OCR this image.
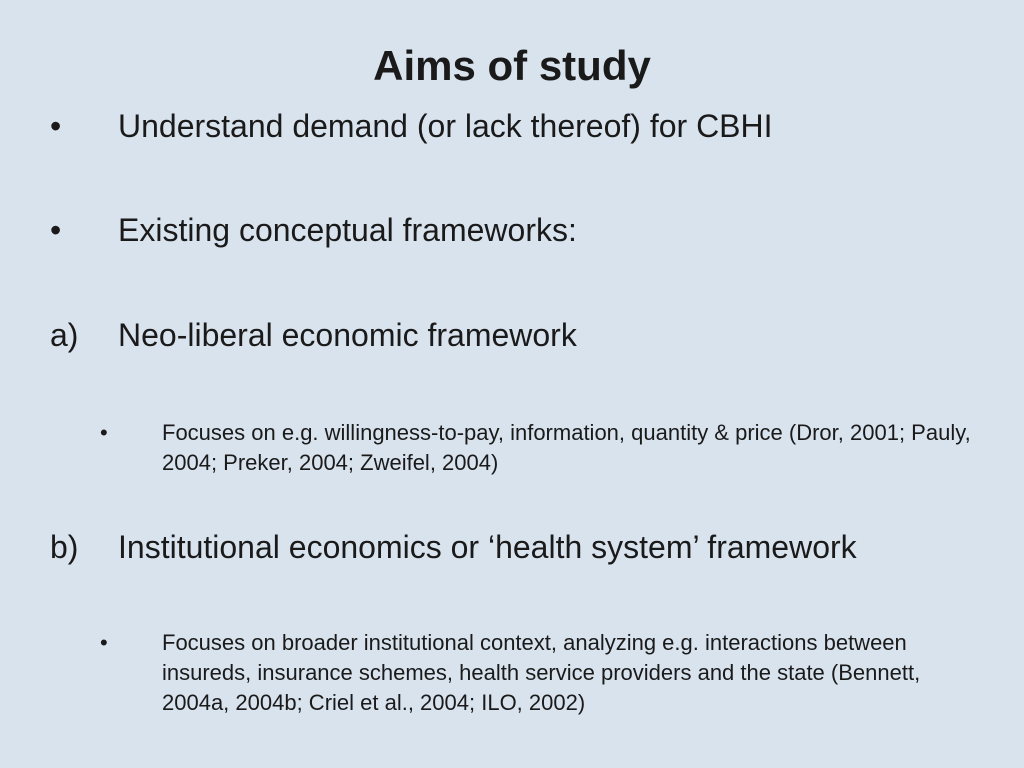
Aims of study
• Understand demand (or lack thereof) for CBHI
• Existing conceptual frameworks:
a) Neo-liberal economic framework
• Focuses on e.g. willingness-to-pay, information, quantity & price (Dror, 2001; Pauly, 2004; Preker, 2004; Zweifel, 2004)
b) Institutional economics or ‘health system’ framework
• Focuses on broader institutional context, analyzing e.g. interactions between insureds, insurance schemes, health service providers and the state (Bennett, 2004a, 2004b; Criel et al., 2004; ILO, 2002)
